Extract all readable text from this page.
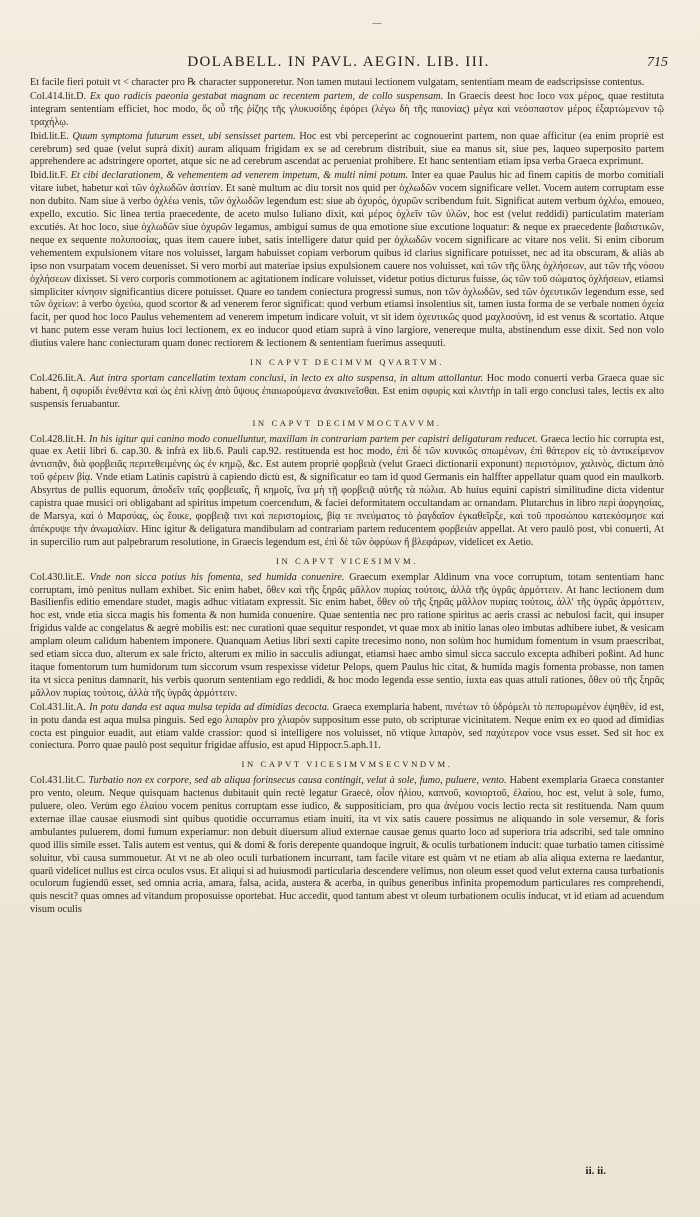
—
DOLABELL. IN PAVL. AEGIN. LIB. III.	715

Et facile fieri potuit vt < character pro ℞ character supponeretur. Non tamen mutaui lectionem vulgatam, sententiam meam de eadscripsisse contentus.

Col.414.lit.D. Ex quo radicis paeonia gestabat magnam ac recentem partem, de collo suspensam. In Graecis deest hoc loco vox μέρος, quae restituta integram sententiam efficiet, hoc modo, ὅς οὖ τῆς ῥίζης τῆς γλυκυσίδης ἐφόρει (λέγω δὴ τῆς παιονίας) μέγα καὶ νεόσπαστον μέρος ἐξαρτώμενον τῷ τραχήλῳ.

Ibid.lit.E. Quum symptoma futurum esset, ubi sensisset partem. Hoc est vbi perceperint ac cognouerint partem, non quae afficitur (ea enim propriè est cerebrum) sed quae (velut suprà dixit) auram aliquam frigidam ex se ad cerebrum distribuit, siue ea manus sit, siue pes, laqueo superposito partem apprehendere ac adstringere oportet, atque sic ne ad cerebrum ascendat ac perueniat prohibere. Et hanc sententiam etiam ipsa verba Graeca exprimunt.

Ibid.lit.F. Et cibi declarationem, & vehementem ad venerem impetum, & multi nimi potum. Inter ea quae Paulus hic ad finem capitis de morbo comitiali vitare iubet, habetur καὶ τῶν ὀχλωδῶν ἀσιτίαν. Et sanè multum ac diu torsit nos quid per ὀχλωδῶν vocem significare vellet. Vocem autem corruptam esse non dubito. Nam siue à verbo ὀχλέω venis, τῶν ὀχλωδῶν legendum est: siue ab ὀχυρός, ὀχυρῶν scribendum fuit. Significat autem verbum ὀχλέω, emoueo, expello, excutio. Sic linea tertia praecedente, de aceto mulso Iuliano dixit, καὶ μέρος ὀχλεῖν τῶν ὑλῶν, hoc est (velut reddidi) particulatim materiam excutiés. At hoc loco, siue ὀχλωδῶν siue ὀχυρῶν legamus, ambigui sumus de qua emotione siue excutione loquatur: & neque ex praecedente βαδιστικῶν, neque ex sequente πολυποσίας, quas item cauere iubet, satis intelligere datur quid per ὀχλωδῶν vocem significare ac vitare nos velit. Si enim ciborum vehementem expulsionem vitare nos voluisset, largam habuisset copiam verborum quibus id clarius significare potuisset, nec ad ita obscuram, & aliàs ab ipso non vsurpatam vocem deuenisset. Si vero morbi aut materiae ipsius expulsionem cauere nos voluisset, καὶ τῶν τῆς ὕλης ὀχλήσεων, aut τῶν τῆς νόσου ὀχλήσεων dixisset. Si vero corporis commotionem ac agitationem indicare voluisset, videtur potius dicturus fuisse, ὡς τῶν τοῦ σώματος ὀχλήσεων, etiamsi simpliciter κίνησιν significantius dicere potuisset. Quare eo tandem coniectura progressi sumus, non τῶν ὀχλωδῶν, sed τῶν ὀχευτικῶν legendum esse, sed τῶν ὀχείων: à verbo ὀχεύω, quod scortor & ad venerem feror significat: quod verbum etiamsi insolentius sit, tamen iusta forma de se verbale nomen ὀχεία facit, per quod hoc loco Paulus vehementem ad venerem impetum indicare voluit, vt sit idem ὀχευτικῶς quod μαχλοσύνη, id est venus & scortatio. Atque vt hanc putem esse veram huius loci lectionem, ex eo inducor quod etiam suprà à vino largiore, venereque multa, abstinendum esse dixit. Sed non volo diutius valere hanc coniecturam quam donec rectiorem & lectionem & sententiam fuerimus assequuti.

IN CAPVT DECIMVM QVARTVM.

Col.426.lit.A. Aut intra sportam cancellatim textam conclusi, in lecto ex alto suspensa, in altum attollantur. Hoc modo conuerti verba Graeca quae sic habent, ἢ σφυρίδι ἐνεθέντα καὶ ὡς ἐπὶ κλίνῃ ἀπὸ ὕψους ἐπαιωρούμενα ἀνακινεῖσθαι. Est enim σφυρὶς καὶ κλιντὴρ in tali ergo conclusi tales, lectis ex alto suspensis feruabantur.

IN CAPVT DECIMVMOCTAVVM.

Col.428.lit.H. In his igitur qui canino modo conuelluntur, maxillam in contrariam partem per capistri deligaturam reducet. Graeca lectio hic corrupta est, quae ex Aetii libri 6. cap.30. & infrà ex lib.6. Pauli cap.92. restituenda est hoc modo, ἐπὶ δὲ τῶν κυνικῶς σπωμένων, ἐπὶ θάτερον εἰς τὸ ἀντικείμενον ἀντισπᾷν, διὰ φορβειᾶς περιτεθειμένης ὡς ἐν κημῷ, &c. Est autem propriè φορβειὰ (velut Graeci dictionarii exponunt) περιστόμιον, χαλινὸς, dictum ἀπὸ τοῦ φέρειν βίᾳ. Vnde etiam Latinis capistrù à capiendo dictù est, & significatur eo tam id quod Germanis ein halffter appellatur quam quod ein maulkorb. Absyrtus de pullis equorum, ἀποδεῖν ταῖς φορβειαῖς, ἢ κημοῖς, ἵνα μὴ τῇ φορβειᾷ αὐτῆς τὰ πώλια. Ab huius equini capistri similitudine dicta videntur capistra quae musici ori obligabant ad spiritus impetum coercendum, & faciei deformitatem occultandam ac ornandam. Plutarchus in libro περὶ ἀοργησίας, de Marsya, καὶ ὁ Μαρσύας, ὡς ἔοικε, φορβειᾷ τινι καὶ περιστομίοις, βίᾳ τε πνεύματος τὸ ῥαγδαῖον ἐγκαθεῖρξε, καὶ τοῦ προσώπου κατεκόσμησε καὶ ἀπέκρυψε τὴν ἀνωμαλίαν. Hinc igitur & deligatura mandibulam ad contrariam partem reducentem φορβειὰν appellat. At vero paulò post, vbi conuerti, At in supercilio rum aut palpebrarum resolutione, in Graecis legendum est, ἐπὶ δὲ τῶν ὀφρύων ἢ βλεφάρων, videlicet ex Aetio.

IN CAPVT VICESIMVM.

Col.430.lit.E. Vnde non sicca potius his fomenta, sed humida conuenire. Graecum exemplar Aldinum vna voce corruptum, totam sententiam hanc corruptam, imò penitus nullam exhibet. Sic enim habet, ὅθεν καὶ τῆς ξηρᾶς μᾶλλον πυρίας τούτοις, ἀλλὰ τῆς ὑγρᾶς ἁρμόττειν. At hanc lectionem dum Basilienfis editio emendare studet, magis adhuc vitiatam expressit. Sic enim habet, ὅθεν οὐ τῆς ξηρᾶς μᾶλλον πυρίας τούτοις, ἀλλ' τῆς ὑγρᾶς ἁρμόττειν, hoc est, vnde etia sicca magis his fomenta & non humida conuenire. Quae sententia nec pro ratione spiritus ac aeris crassi ac nebulosi facit, qui insuper frigidus valde ac congelatus & aegrè mobilis est: nec curationi quae sequitur respondet, vt quae mox ab initio lanas oleo imbutas adhibere iubet, & vesicam amplam oleum calidum habentem imponere. Quanquam Aetius libri sexti capite trecesimo nono, non solùm hoc humidum fomentum in vsum praescribat, sed etiam sicca duo, alterum ex sale fricto, alterum ex milio in sacculis adiungat, etiamsi haec ambo simul sicca sacculo excepta adhiberi poßint. Ad hunc itaque fomentorum tum humidorum tum siccorum vsum respexisse videtur Pelops, quem Paulus hic citat, & humida magis fomenta probasse, non tamen ita vt sicca penitus damnarit, his verbis quorum sententiam ego reddidi, & hoc modo legenda esse sentio, iuxta eas quas attuli rationes, ὅθεν οὐ τῆς ξηρᾶς μᾶλλον πυρίας τούτοις, ἀλλὰ τῆς ὑγρᾶς ἁρμόττειν.

Col.431.lit.A. In potu danda est aqua mulsa tepida ad dimidias decocta. Graeca exemplaria habent, πινέτων τὸ ὑδρόμελι τὸ πεπυρωμένον ἐψηθὲν, id est, in potu danda est aqua mulsa pinguis. Sed ego λιπαρὸν pro χλιαρὸν suppositum esse puto, ob scripturae vicinitatem. Neque enim ex eo quod ad dimidias cocta est pinguior euadit, aut etiam valde crassior: quod si intelligere nos voluisset, nō vtique λιπαρὸν, sed παχύτερον voce vsus esset. Sed sit hoc ex coniectura. Porro quae paulò post sequitur frigidae affusio, est apud Hippocr.5.aph.11.

IN CAPVT VICESIMVMSECVNDVM.

Col.431.lit.C. Turbatio non ex corpore, sed ab aliqua forinsecus causa contingit, velut à sole, fumo, puluere, vento. Habent exemplaria Graeca constanter pro vento, oleum. Neque quisquam hactenus dubitauit quin rectè legatur Graecè, οἷον ἡλίου, καπνοῦ, κονιορτοῦ, ἐλαίου, hoc est, velut à sole, fumo, puluere, oleo. Verùm ego ἐλαίου vocem penitus corruptam esse iudico, & suppositiciam, pro qua ἀνέμου vocis lectio recta sit restituenda. Nam quum externae illae causae eiusmodi sint quibus quotidie occurramus etiam inuiti, ita vt vix satis cauere possimus ne aliquando in sole versemur, & foris ambulantes puluerem, domi fumum experiamur: non debuit diuersum aliud externae causae genus quarto loco ad superiora tria adscribi, sed tale omnino quod illis simile esset. Talis autem est ventus, qui & domi & foris derepente quandoque ingruit, & oculis turbationem inducit: quae turbatio tamen citissimè soluitur, vbi causa summouetur. At vt ne ab oleo oculi turbationem incurrant, tam facile vitare est quàm vt ne etiam ab alia aliqua externa re laedantur, quarū videlicet nullus est circa oculos vsus. Et aliqui si ad huiusmodi particularia descendere velimus, non oleum esset quod velut externa causa turbationis oculorum fugiendū esset, sed omnia acria, amara, falsa, acida, austera & acerba, in quibus generibus infinita propemodum particulares res comprehendi, quis nescit? quas omnes ad vitandum proposuisse oportebat. Huc accedit, quod tantum abest vt oleum turbationem oculis inducat, vt id etiam ad acuendum visum oculis

ii. ii.
